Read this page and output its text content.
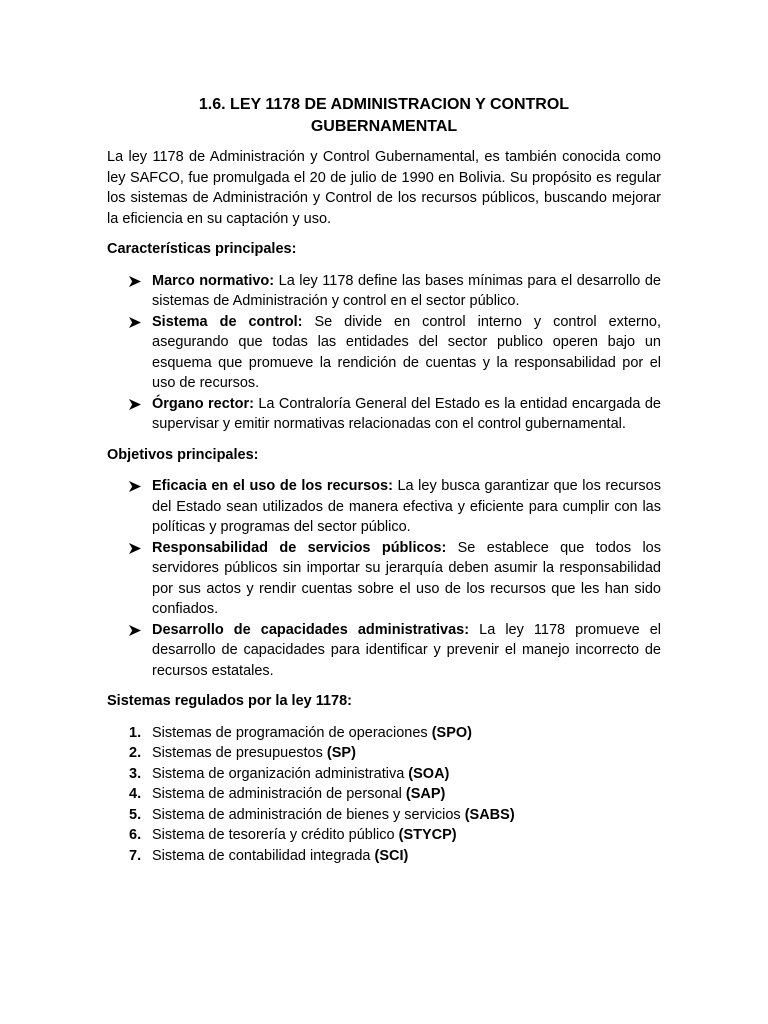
1.6. LEY 1178 DE ADMINISTRACION Y CONTROL
GUBERNAMENTAL

La ley 1178 de Administración y Control Gubernamental, es también conocida como ley SAFCO, fue promulgada el 20 de julio de 1990 en Bolivia. Su propósito es regular los sistemas de Administración y Control de los recursos públicos, buscando mejorar la eficiencia en su captación y uso.

Características principales:

Marco normativo: La ley 1178 define las bases mínimas para el desarrollo de sistemas de Administración y control en el sector público.
Sistema de control: Se divide en control interno y control externo, asegurando que todas las entidades del sector publico operen bajo un esquema que promueve la rendición de cuentas y la responsabilidad por el uso de recursos.
Órgano rector: La Contraloría General del Estado es la entidad encargada de supervisar y emitir normativas relacionadas con el control gubernamental.

Objetivos principales:

Eficacia en el uso de los recursos: La ley busca garantizar que los recursos del Estado sean utilizados de manera efectiva y eficiente para cumplir con las políticas y programas del sector público.
Responsabilidad de servicios públicos: Se establece que todos los servidores públicos sin importar su jerarquía deben asumir la responsabilidad por sus actos y rendir cuentas sobre el uso de los recursos que les han sido confiados.
Desarrollo de capacidades administrativas: La ley 1178 promueve el desarrollo de capacidades para identificar y prevenir el manejo incorrecto de recursos estatales.

Sistemas regulados por la ley 1178:

1. Sistemas de programación de operaciones (SPO)
2. Sistemas de presupuestos (SP)
3. Sistema de organización administrativa (SOA)
4. Sistema de administración de personal (SAP)
5. Sistema de administración de bienes y servicios (SABS)
6. Sistema de tesorería y crédito público (STYCP)
7. Sistema de contabilidad integrada (SCI)
